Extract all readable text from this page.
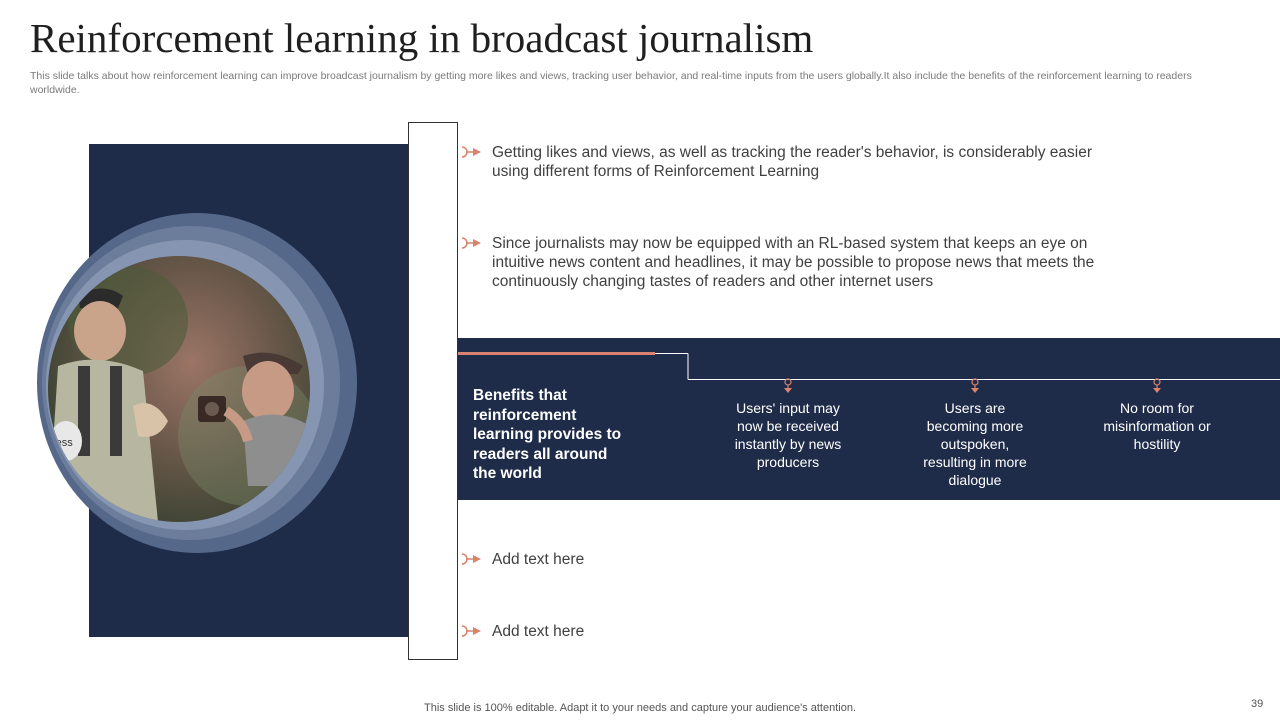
Reinforcement learning in broadcast journalism
This slide talks about how reinforcement learning can improve broadcast journalism by getting more likes and views, tracking user behavior, and real-time inputs from the users globally.It also include the benefits of the reinforcement learning to readers worldwide.
ress
Getting likes and views, as well as tracking the reader's behavior, is considerably easier using different forms of Reinforcement Learning
Since journalists may now be equipped with an RL-based system that keeps an eye on intuitive news content and headlines, it may be possible to propose news that meets the continuously changing tastes of readers and other internet users
Benefits that reinforcement learning provides to readers all around the world
Users' input may now be received instantly by news producers
Users are becoming more outspoken, resulting in more dialogue
No room for misinformation or hostility
Add text here
Add text here
This slide is 100% editable. Adapt it to your needs and capture your audience's attention.	39
